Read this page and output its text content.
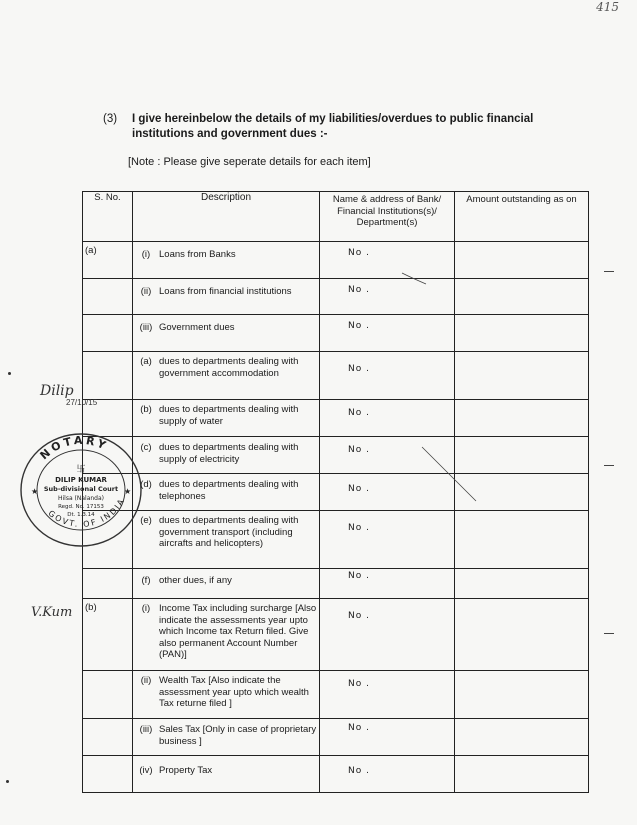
415
(3) I give hereinbelow the details of my liabilities/overdues to public financial institutions and government dues :-
[Note : Please give seperate details for each item]
S. No.	Description	Name & address of Bank/ Financial Institutions(s)/ Department(s)	Amount outstanding as on

(a)	(i) Loans from Banks	No .	

	(ii) Loans from financial institutions	No .	

	(iii) Government dues	No .	

	(a) dues to departments dealing with government accommodation	No .	

	(b) dues to departments dealing with supply of water	No .	

	(c) dues to departments dealing with supply of electricity	No .	

	(d) dues to departments dealing with telephones	No .	

	(e) dues to departments dealing with government transport (including aircrafts and helicopters)	No .	

	(f) other dues, if any	No .	

(b)	(i) Income Tax including surcharge [Also indicate the assessments year upto which Income tax Return filed. Give also permanent Account Number (PAN)]	No .	

	(ii) Wealth Tax [Also indicate the assessment year upto which wealth Tax returne filed ]	No .	

	(iii) Sales Tax [Only in case of proprietary business ]	No .	

	(iv) Property Tax	No .	

Dilip
27/10/15
V.Kum
NOTARY
GOVT. OF INDIA
卐
DILIP KUMAR
Sub-divisional Court
Hilsa (Nalanda)
Regd. No. 17153
Dt. 1.3.14
★	★
